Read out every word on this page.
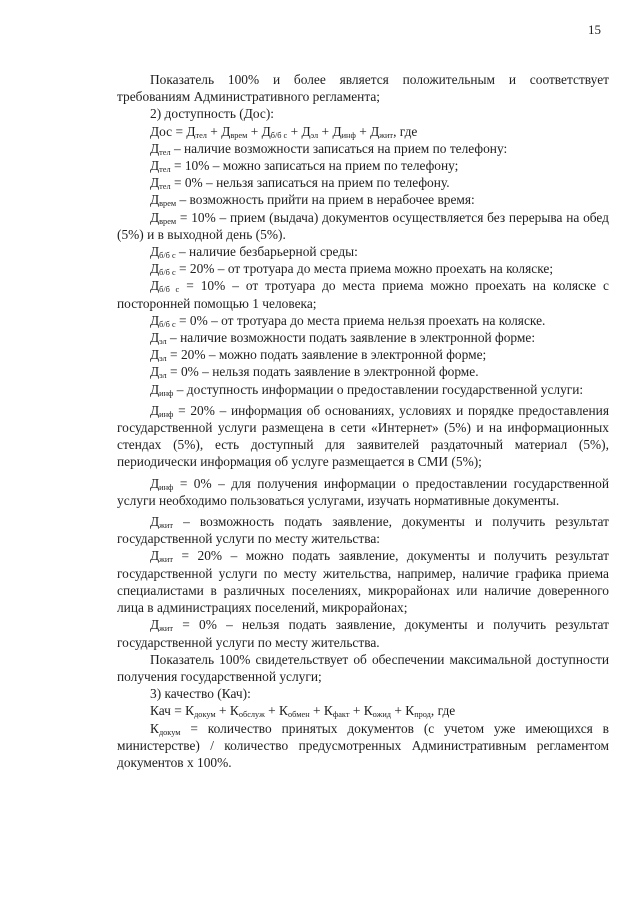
15

Показатель 100% и более является положительным и соответствует требованиям Административного регламента;

2) доступность (Дос):

Дос = $Д_{тел} + Д_{врем} + Д_{б/б с} + Д_{эл} + Д_{инф} + Д_{жит}$, где

$Д_{тел}$ – наличие возможности записаться на прием по телефону:

$Д_{тел} = 10\%$ – можно записаться на прием по телефону;

$Д_{тел} = 0\%$ – нельзя записаться на прием по телефону.

$Д_{врем}$ – возможность прийти на прием в нерабочее время:

$Д_{врем} = 10\%$ – прием (выдача) документов осуществляется без перерыва на обед (5%) и в выходной день (5%).

$Д_{б/б с}$ – наличие безбарьерной среды:

$Д_{б/б с} = 20\%$ – от тротуара до места приема можно проехать на коляске;

$Д_{б/б с} = 10\%$ – от тротуара до места приема можно проехать на коляске с посторонней помощью 1 человека;

$Д_{б/б с} = 0\%$ – от тротуара до места приема нельзя проехать на коляске.

$Д_{эл}$ – наличие возможности подать заявление в электронной форме:

$Д_{эл} = 20\%$ – можно подать заявление в электронной форме;

$Д_{эл} = 0\%$ – нельзя подать заявление в электронной форме.

$Д_{инф}$ – доступность информации о предоставлении государственной услуги:

$Д_{инф} = 20\%$ – информация об основаниях, условиях и порядке предоставления государственной услуги размещена в сети «Интернет» (5%) и на информационных стендах (5%), есть доступный для заявителей раздаточный материал (5%), периодически информация об услуге размещается в СМИ (5%);

$Д_{инф} = 0\%$ – для получения информации о предоставлении государственной услуги необходимо пользоваться услугами, изучать нормативные документы.

$Д_{жит}$ – возможность подать заявление, документы и получить результат государственной услуги по месту жительства:

$Д_{жит} = 20\%$ – можно подать заявление, документы и получить результат государственной услуги по месту жительства, например, наличие графика приема специалистами в различных поселениях, микрорайонах или наличие доверенного лица в администрациях поселений, микрорайонах;

$Д_{жит} = 0\%$ – нельзя подать заявление, документы и получить результат государственной услуги по месту жительства.

Показатель 100% свидетельствует об обеспечении максимальной доступности получения государственной услуги;

3) качество (Кач):

Кач = $К_{докум} + К_{обслуж} + К_{обмен} + К_{факт} + К_{ожид} + К_{прод}$, где

$К_{докум}$ = количество принятых документов (с учетом уже имеющихся в министерстве) / количество предусмотренных Административным регламентом документов х 100%.
